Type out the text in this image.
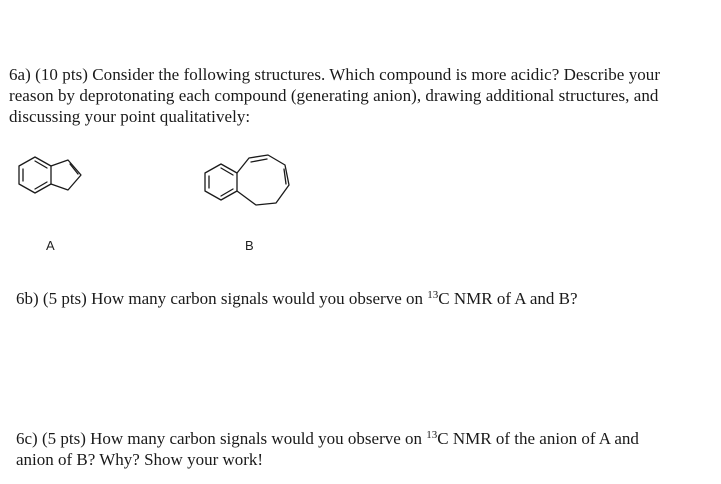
6a) (10 pts) Consider the following structures. Which compound is more acidic? Describe your

reason by deprotonating each compound (generating anion), drawing additional structures, and

discussing your point qualitatively:

A	B
6b) (5 pts) How many carbon signals would you observe on $^{13}$C NMR of A and B?
6c) (5 pts) How many carbon signals would you observe on $^{13}$C NMR of the anion of A and
anion of B? Why? Show your work!
